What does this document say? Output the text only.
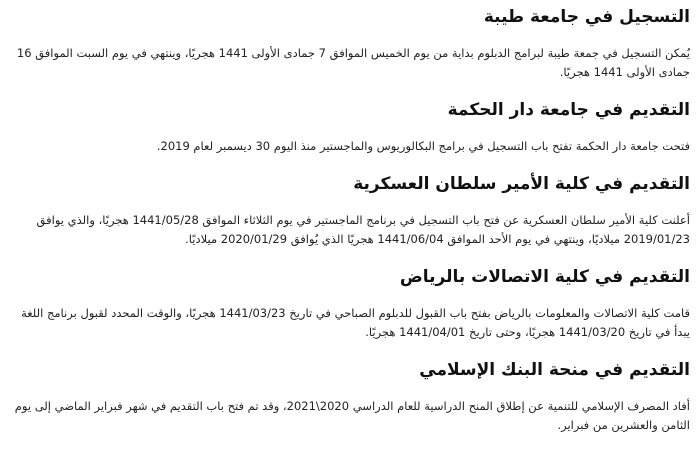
التسجيل في جامعة طيبة

يُمكن التسجيل في جمعة طيبة لبرامج الدبلوم بداية من يوم الخميس الموافق 7 جمادى الأولى 1441 هجريًا، وينتهي في يوم السبت الموافق 16 جمادى الأولى 1441 هجريًا.

التقديم في جامعة دار الحكمة

فتحت جامعة دار الحكمة تفتح باب التسجيل في برامج البكالوريوس والماجستير منذ اليوم 30 ديسمبر لعام 2019.

التقديم في كلية الأمير سلطان العسكرية

أعلنت كلية الأمير سلطان العسكرية عن فتح باب التسجيل في برنامج الماجستير في يوم الثلاثاء الموافق 1441/05/28 هجريًا، والذي يوافق 2019/01/23 ميلاديًا، وينتهي في يوم الأحد الموافق 1441/06/04 هجريًا الذي يُوافق 2020/01/29 ميلاديًا.

التقديم في كلية الاتصالات بالرياض

قامت كلية الاتصالات والمعلومات بالرياض بفتح باب القبول للدبلوم الصباحي في تاريخ 1441/03/23 هجريًا، والوقت المحدد لقبول برنامج اللغة يبدأ في تاريخ 1441/03/20 هجريًا، وحتى تاريخ 1441/04/01 هجريًا.

التقديم في منحة البنك الإسلامي

أفاد المصرف الإسلامي للتنمية عن إطلاق المنح الدراسية للعام الدراسي 2020\2021، وقد تم فتح باب التقديم في شهر فبراير الماضي إلى يوم الثامن والعشرين من فبراير.
